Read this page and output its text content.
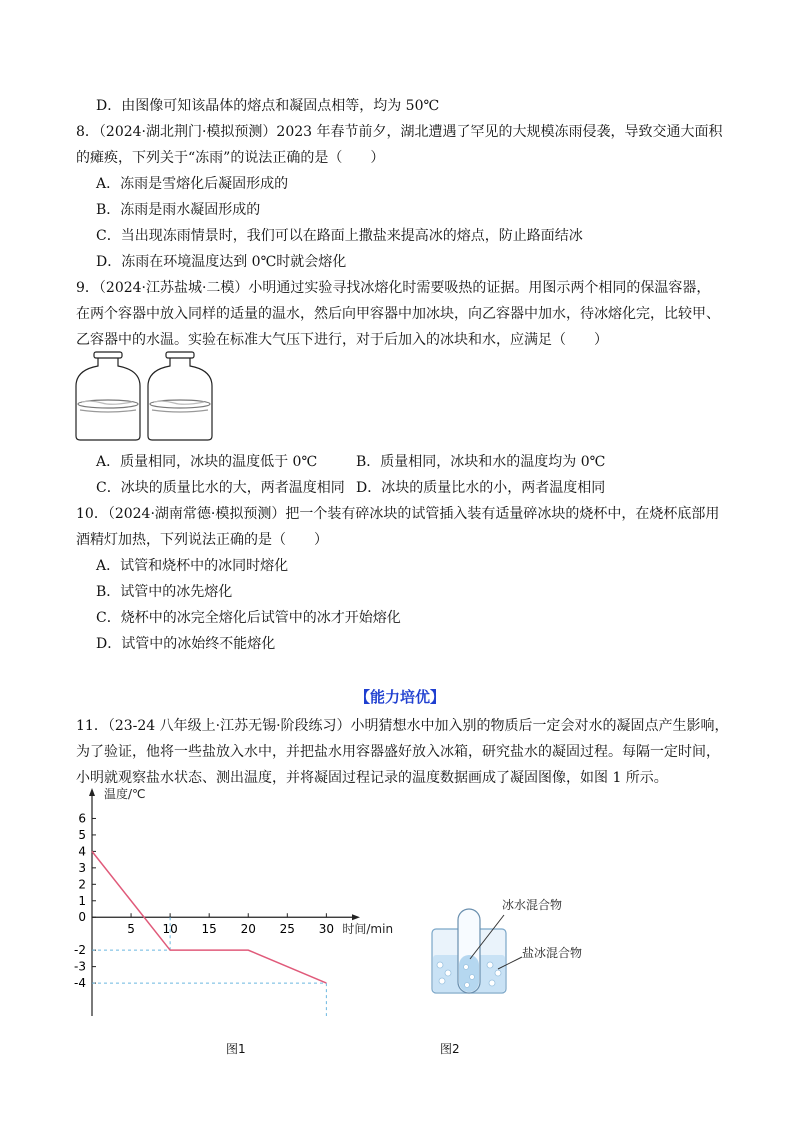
D．由图像可知该晶体的熔点和凝固点相等，均为 50℃
8．（2024·湖北荆门·模拟预测）2023 年春节前夕，湖北遭遇了罕见的大规模冻雨侵袭，导致交通大面积
的瘫痪，下列关于“冻雨”的说法正确的是（　　）
A．冻雨是雪熔化后凝固形成的
B．冻雨是雨水凝固形成的
C．当出现冻雨情景时，我们可以在路面上撒盐来提高冰的熔点，防止路面结冰
D．冻雨在环境温度达到 0℃时就会熔化
9．（2024·江苏盐城·二模）小明通过实验寻找冰熔化时需要吸热的证据。用图示两个相同的保温容器，
在两个容器中放入同样的适量的温水，然后向甲容器中加冰块，向乙容器中加水，待冰熔化完，比较甲、
乙容器中的水温。实验在标准大气压下进行，对于后加入的冰块和水，应满足（　　）
A．质量相同，冰块的温度低于 0℃	B．质量相同，冰块和水的温度均为 0℃
C．冰块的质量比水的大，两者温度相同 D．冰块的质量比水的小，两者温度相同
10．（2024·湖南常德·模拟预测）把一个装有碎冰块的试管插入装有适量碎冰块的烧杯中，在烧杯底部用
酒精灯加热，下列说法正确的是（　　）
A．试管和烧杯中的冰同时熔化
B．试管中的冰先熔化
C．烧杯中的冰完全熔化后试管中的冰才开始熔化
D．试管中的冰始终不能熔化
【能力培优】
11．（23-24 八年级上·江苏无锡·阶段练习）小明猜想水中加入别的物质后一定会对水的凝固点产生影响，
为了验证，他将一些盐放入水中，并把盐水用容器盛好放入冰箱，研究盐水的凝固过程。每隔一定时间，
小明就观察盐水状态、测出温度，并将凝固过程记录的温度数据画成了凝固图像，如图 1 所示。
温度/℃
时间/min
6
5
4
3
2
1
0
-2
-3
-4
5 10 15 20 25 30
冰水混合物
盐冰混合物
图1	图2
